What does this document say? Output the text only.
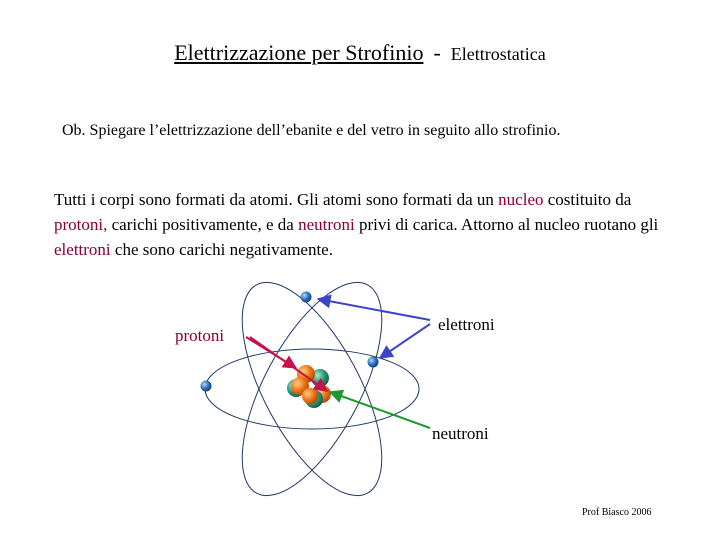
Elettrizzazione per Strofinio - Elettrostatica
Ob. Spiegare l’elettrizzazione dell’ebanite e del vetro in seguito allo strofinio.
Tutti i corpi sono formati da atomi. Gli atomi sono formati da un nucleo costituito da protoni, carichi positivamente, e da neutroni privi di carica. Attorno al nucleo ruotano gli elettroni che sono carichi negativamente.
protoni
elettroni
neutroni
Prof Biasco 2006
